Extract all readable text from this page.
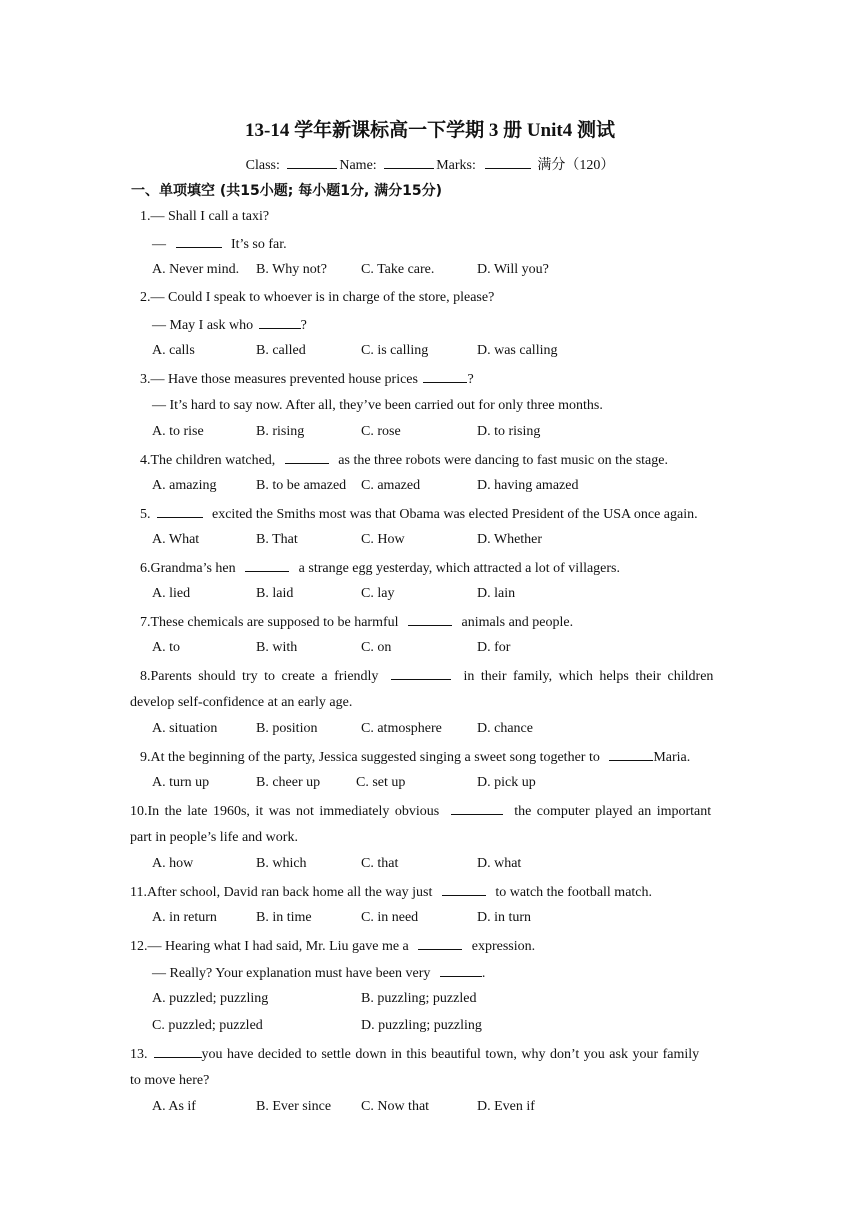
13-14 学年新课标高一下学期 3 册 Unit4 测试
Class:	Name:	Marks:	满分（120）
一、单项填空 (共15小题; 每小题1分, 满分15分)
1.— Shall I call a taxi?
—	It’s so far.
A. Never mind. B. Why not? C. Take care.	D. Will you?
2.— Could I speak to whoever is in charge of the store, please?
— May I ask who	?
A. calls	B. called	C. is calling	D. was calling
3.— Have those measures prevented house prices	?
— It’s hard to say now. After all, they’ve been carried out for only three months.
A. to rise	B. rising	C. rose	D. to rising
4.The children watched,	as the three robots were dancing to fast music on the stage.
A. amazing	B. to be amazed C. amazed	D. having amazed
5.	excited the Smiths most was that Obama was elected President of the USA once again.
A. What	B. That	C. How	D. Whether
6.Grandma’s hen	a strange egg yesterday, which attracted a lot of villagers.
A. lied	B. laid	C. lay	D. lain
7.These chemicals are supposed to be harmful	animals and people.
A. to	B. with	C. on	D. for
8.Parents should try to create a friendly	in their family, which helps their children
develop self-confidence at an early age.
A. situation	B. position	C. atmosphere	D. chance
9.At the beginning of the party, Jessica suggested singing a sweet song together to	Maria.
A. turn up	B. cheer up	C. set up	D. pick up
10.In the late 1960s, it was not immediately obvious	the computer played an important
part in people’s life and work.
A. how	B. which	C. that	D. what
11.After school, David ran back home all the way just	to watch the football match.
A. in return	B. in time	C. in need	D. in turn
12.— Hearing what I had said, Mr. Liu gave me a	expression.
— Really? Your explanation must have been very	.
A. puzzled; puzzling	B. puzzling; puzzled
C. puzzled; puzzled	D. puzzling; puzzling
13.	you have decided to settle down in this beautiful town, why don’t you ask your family
to move here?
A. As if	B. Ever since C. Now that	D. Even if
